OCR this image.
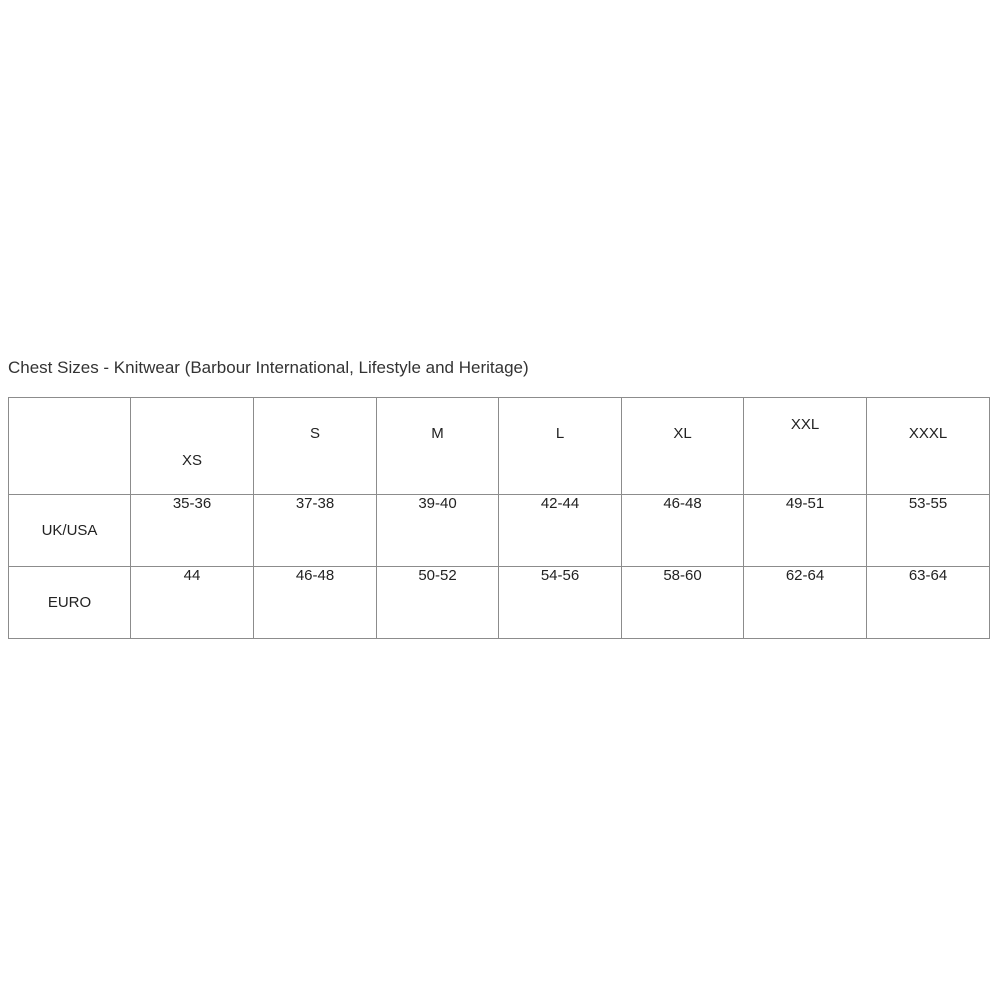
Chest Sizes - Knitwear (Barbour International, Lifestyle and Heritage)

	XS	S	M	L	XL	XXL	XXXL

UK/USA	35-36	37-38	39-40	42-44	46-48	49-51	53-55

EURO	44	46-48	50-52	54-56	58-60	62-64	63-64
